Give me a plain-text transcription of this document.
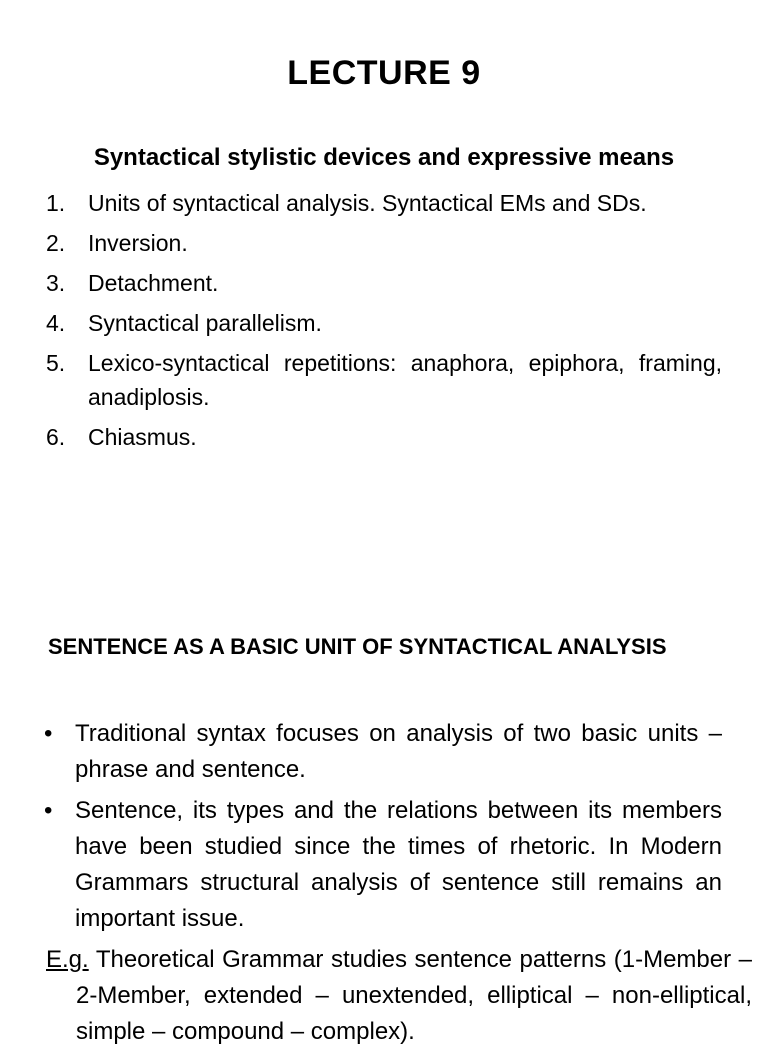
LECTURE 9
Syntactical stylistic devices and expressive means
1. Units of syntactical analysis. Syntactical EMs and SDs.
2. Inversion.
3. Detachment.
4. Syntactical parallelism.
5. Lexico-syntactical repetitions: anaphora, epiphora, framing, anadiplosis.
6. Chiasmus.
SENTENCE AS A BASIC UNIT OF SYNTACTICAL ANALYSIS
• Traditional syntax focuses on analysis of two basic units – phrase and sentence.
• Sentence, its types and the relations between its members have been studied since the times of rhetoric. In Modern Grammars structural analysis of sentence still remains an important issue.

E.g. Theoretical Grammar studies sentence patterns (1-Member – 2-Member, extended – unextended, elliptical – non-elliptical, simple – compound – complex).
